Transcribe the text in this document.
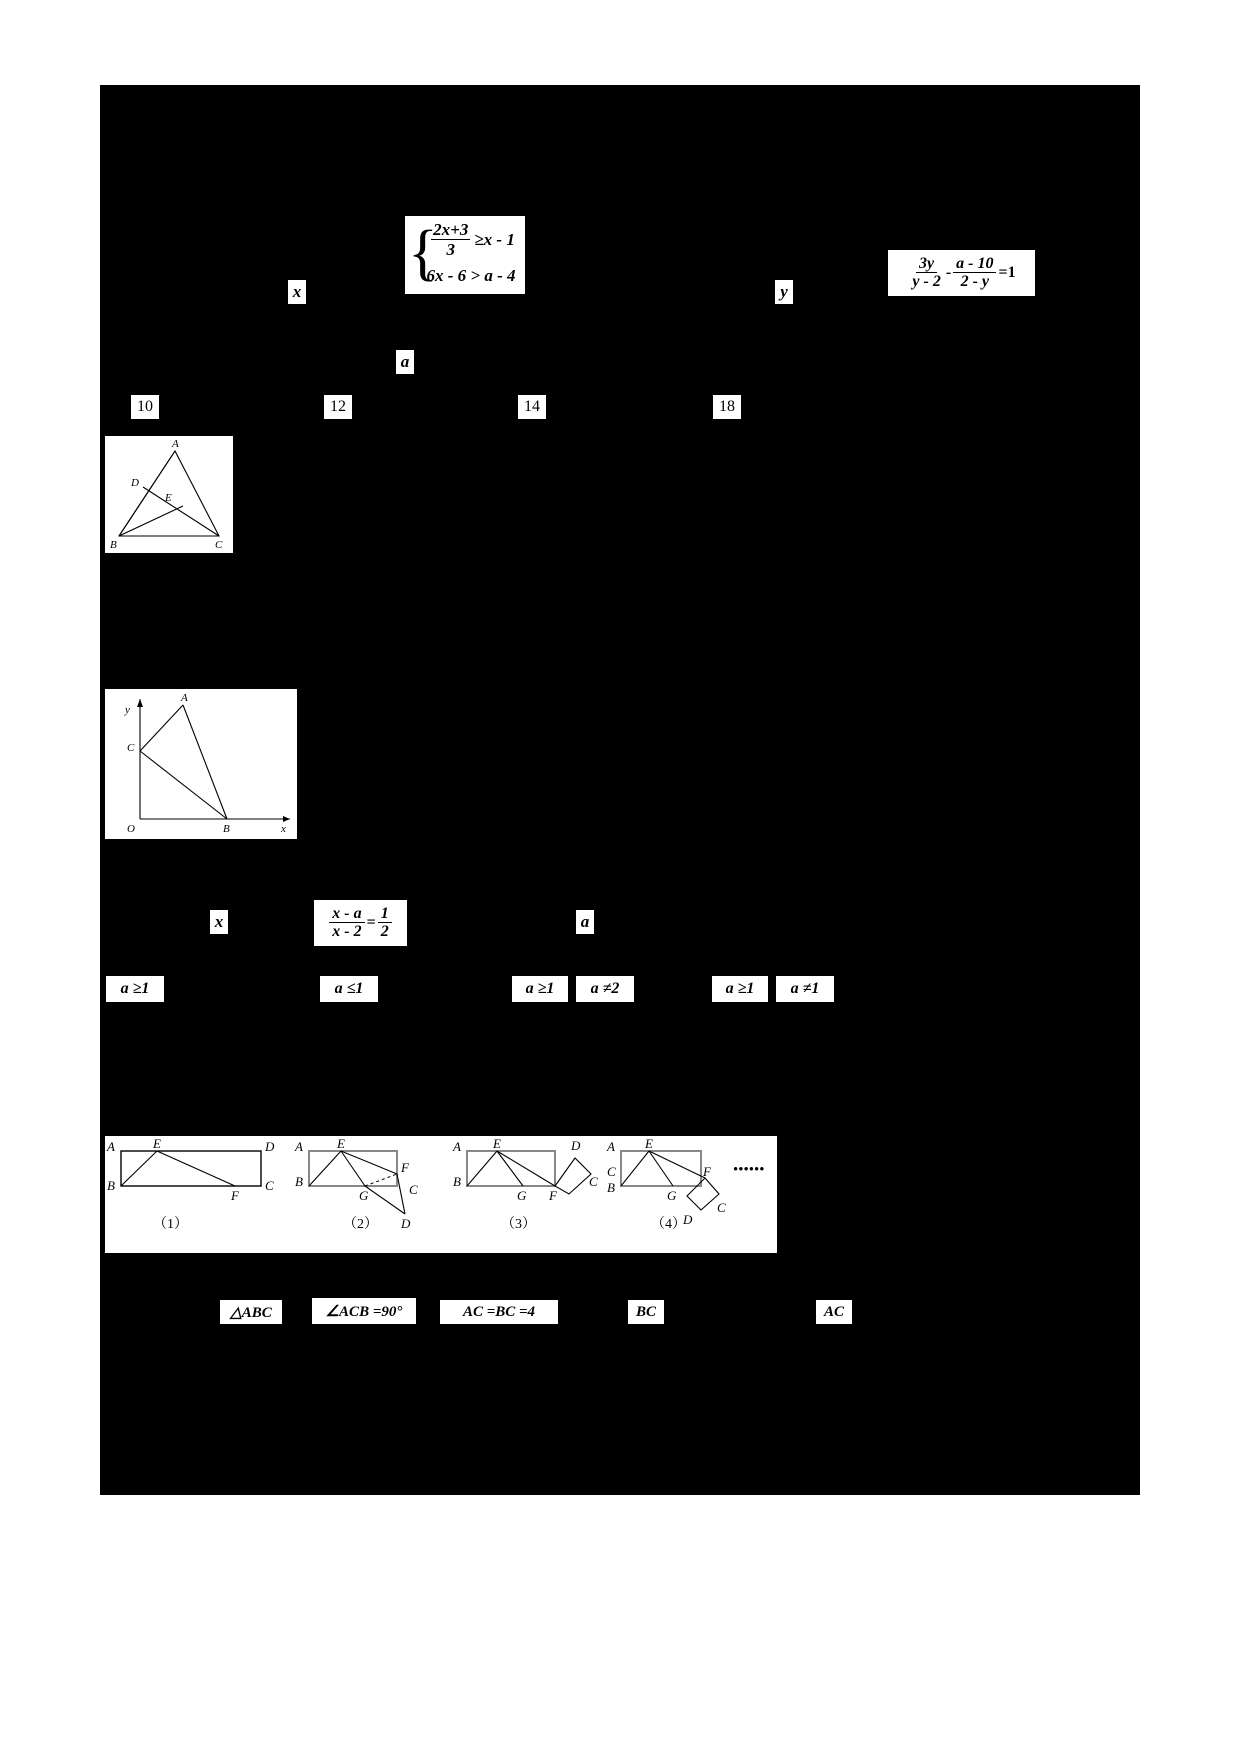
x
{
$\frac{2x+3}{3} \ge x - 1$
6x - 6 > a - 4
y
$\frac{3y}{y - 2} - \frac{a - 10}{2 - y} =1$
a
10	12	14	18
A
D
E
B	C
y
A
C
O	B	x
x	$\frac{x - a}{x - 2} = \frac{1}{2}$	a
a ≥1	a ≤1	a ≥1	a ≠2	a ≥1	a ≠1
A	E	D
B
F
C
（1）
A	E
B
F
G	C
D
（2）
A E	D
B
G F
C
（3）
A E
C
B
G
F
D
C
（4）
••••••
△ABC	∠ACB =90°	AC =BC =4	BC	AC
